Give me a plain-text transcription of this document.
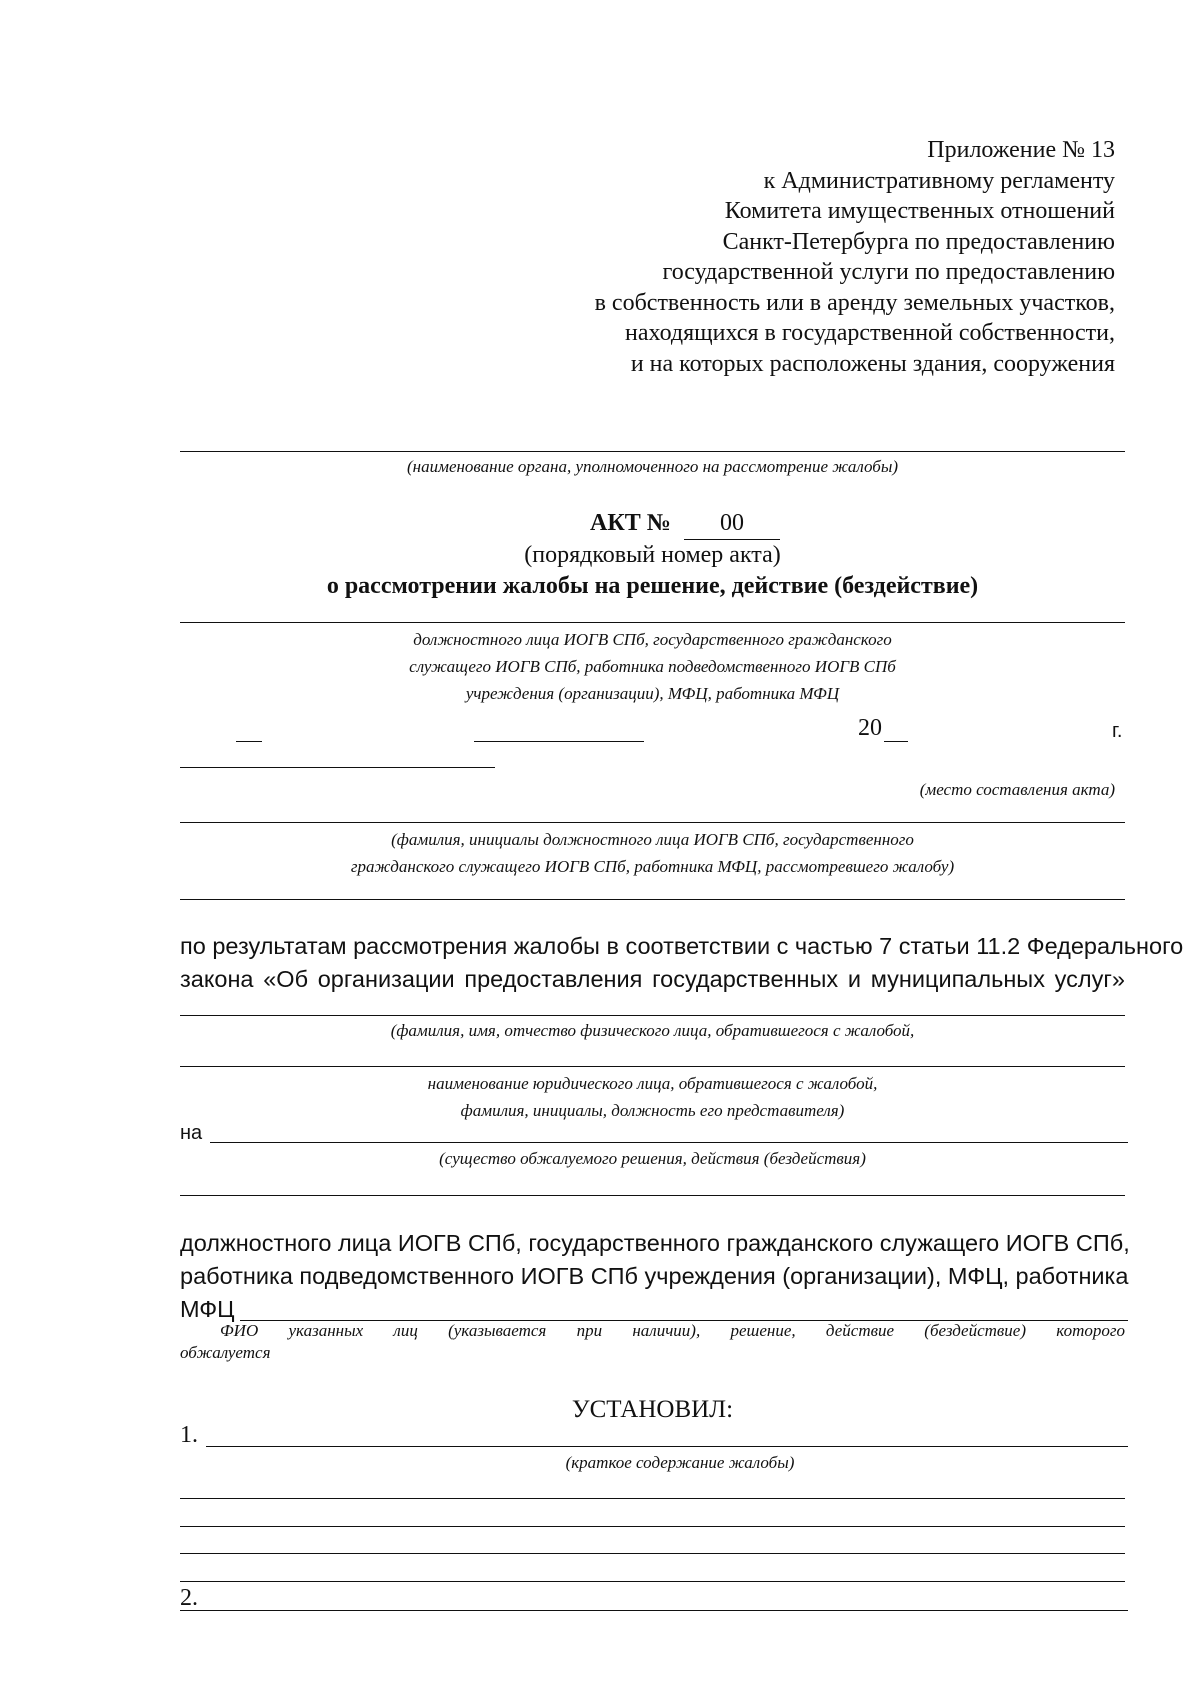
Приложение № 13
к Административному регламенту
Комитета имущественных отношений
Санкт-Петербурга по предоставлению
государственной услуги по предоставлению
в собственность или в аренду земельных участков,
находящихся в государственной собственности,
и на которых расположены здания, сооружения
(наименование органа, уполномоченного на рассмотрение жалобы)
АКТ №	00
(порядковый номер акта)
о рассмотрении жалобы на решение, действие (бездействие)
должностного лица ИОГВ СПб, государственного гражданского
служащего ИОГВ СПб, работника подведомственного ИОГВ СПб
учреждения (организации), МФЦ, работника МФЦ
20	г.
(место составления акта)
(фамилия, инициалы должностного лица ИОГВ СПб, государственного
гражданского служащего ИОГВ СПб, работника МФЦ, рассмотревшего жалобу)
по результатам рассмотрения жалобы в соответствии с частью 7 статьи 11.2 Федерального
закона «Об организации предоставления государственных и муниципальных услуг»
(фамилия, имя, отчество физического лица, обратившегося с жалобой,
наименование юридического лица, обратившегося с жалобой,
фамилия, инициалы, должность его представителя)
на
(существо обжалуемого решения, действия (бездействия)
должностного лица ИОГВ СПб, государственного гражданского служащего ИОГВ СПб,
работника подведомственного ИОГВ СПб учреждения (организации), МФЦ, работника
МФЦ
ФИО указанных лиц (указывается при наличии), решение, действие (бездействие) которого
обжалуется
УСТАНОВИЛ:
1.
(краткое содержание жалобы)
2.
